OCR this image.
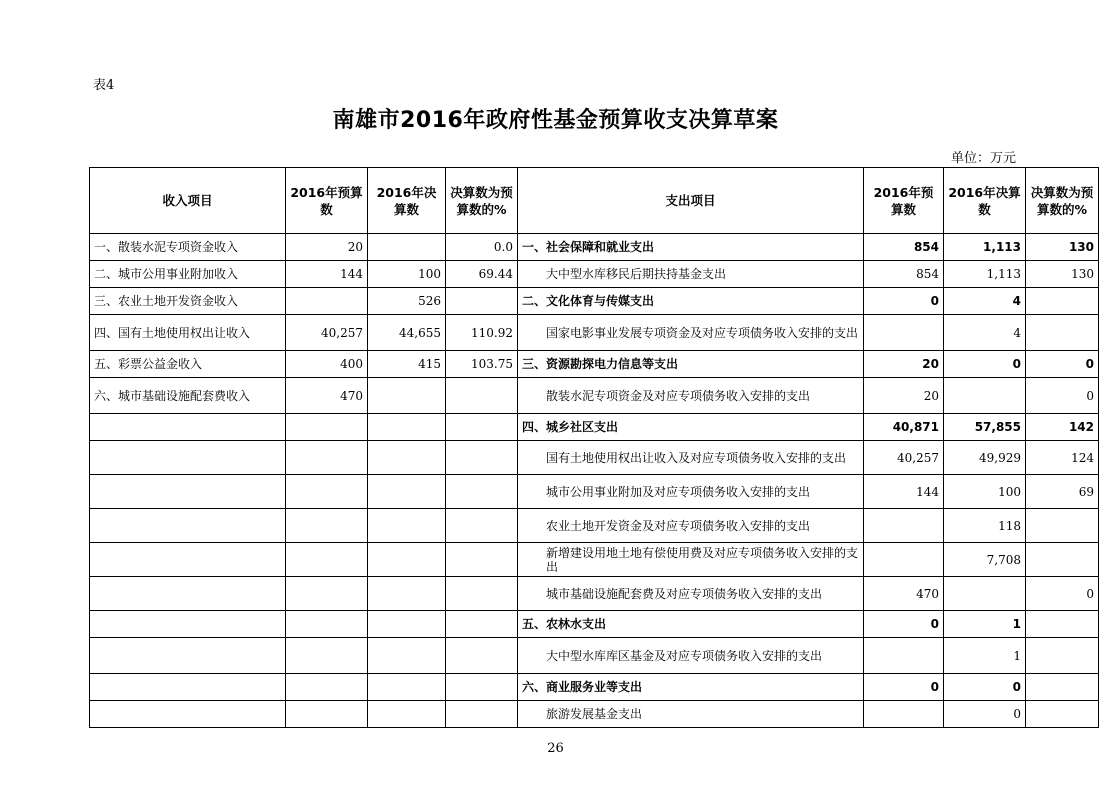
表4
南雄市2016年政府性基金预算收支决算草案
单位：万元
收入项目	2016年预算数	2016年决算数	决算数为预算数的%	支出项目	2016年预算数	2016年决算数	决算数为预算数的%
一、散装水泥专项资金收入	20		0.0	一、社会保障和就业支出	854	1,113	130
二、城市公用事业附加收入	144	100	69.44	大中型水库移民后期扶持基金支出	854	1,113	130
三、农业土地开发资金收入		526		二、文化体育与传媒支出	0	4	
四、国有土地使用权出让收入	40,257	44,655	110.92	国家电影事业发展专项资金及对应专项债务收入安排的支出		4	
五、彩票公益金收入	400	415	103.75	三、资源勘探电力信息等支出	20	0	0
六、城市基础设施配套费收入	470			散装水泥专项资金及对应专项债务收入安排的支出	20		0
				四、城乡社区支出	40,871	57,855	142
				国有土地使用权出让收入及对应专项债务收入安排的支出	40,257	49,929	124
				城市公用事业附加及对应专项债务收入安排的支出	144	100	69
				农业土地开发资金及对应专项债务收入安排的支出		118	
				新增建设用地土地有偿使用费及对应专项债务收入安排的支出		7,708	
				城市基础设施配套费及对应专项债务收入安排的支出	470		0
				五、农林水支出	0	1	
				大中型水库库区基金及对应专项债务收入安排的支出		1	
				六、商业服务业等支出	0	0	
				旅游发展基金支出		0	
26
